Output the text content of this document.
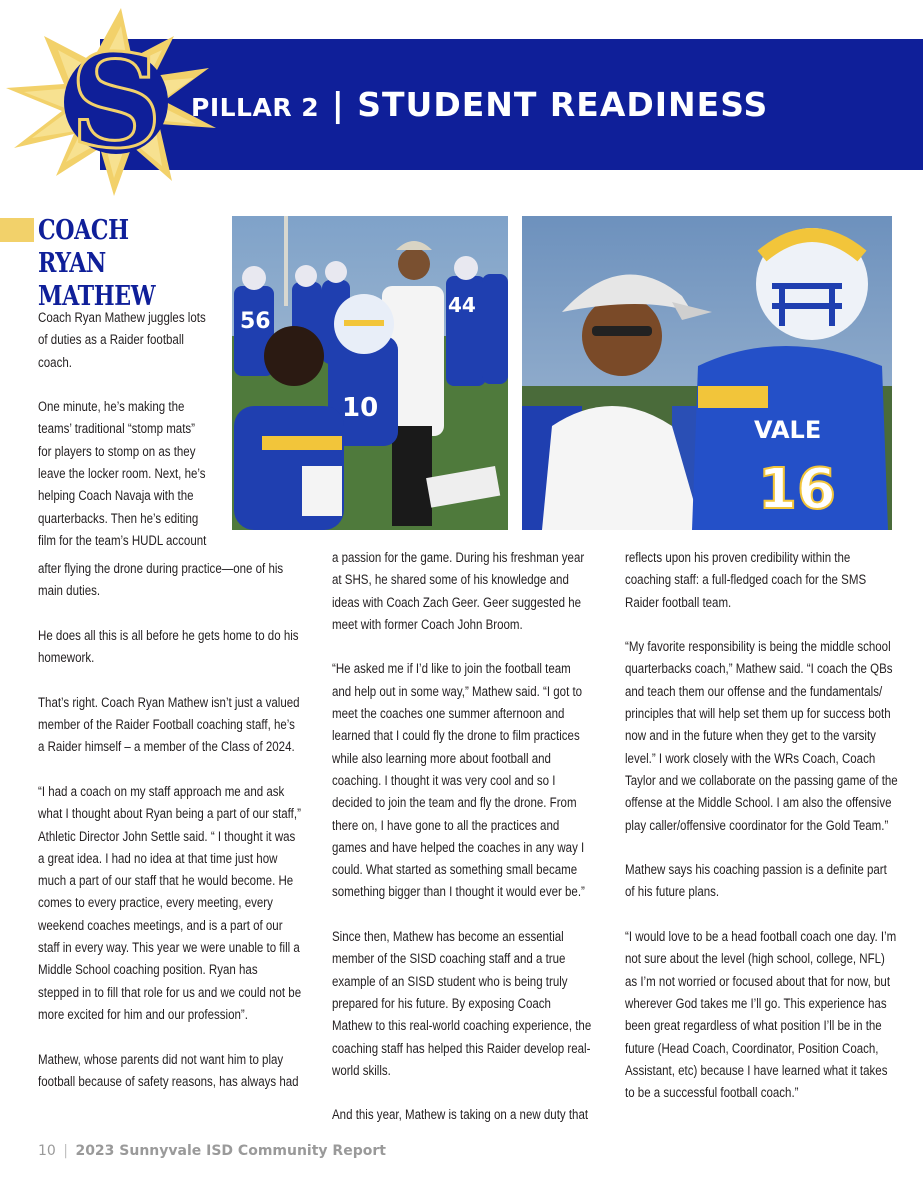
S PILLAR 2 | STUDENT READINESS
COACH RYAN
MATHEW
56
44
10
VALE
16

Coach Ryan Mathew juggles lots of duties as a Raider football coach.

One minute, he’s making the teams’ traditional “stomp mats” for players to stomp on as they leave the locker room. Next, he’s helping Coach Navaja with the quarterbacks. Then he’s editing film for the team’s HUDL account

after flying the drone during practice—one of his main duties.

He does all this is all before he gets home to do his homework.

That’s right. Coach Ryan Mathew isn’t just a valued member of the Raider Football coaching staff, he’s a Raider himself – a member of the Class of 2024.

“I had a coach on my staff approach me and ask what I thought about Ryan being a part of our staff,” Athletic Director John Settle said. “ I thought it was a great idea. I had no idea at that time just how much a part of our staff that he would become. He comes to every practice, every meeting, every weekend coaches meetings, and is a part of our staff in every way. This year we were unable to fill a Middle School coaching position. Ryan has stepped in to fill that role for us and we could not be more excited for him and our profession”.

Mathew, whose parents did not want him to play football because of safety reasons, has always had

a passion for the game. During his freshman year at SHS, he shared some of his knowledge and ideas with Coach Zach Geer. Geer suggested he meet with former Coach John Broom.

“He asked me if I’d like to join the football team and help out in some way,” Mathew said. “I got to meet the coaches one summer afternoon and learned that I could fly the drone to film practices while also learning more about football and coaching. I thought it was very cool and so I decided to join the team and fly the drone. From there on, I have gone to all the practices and games and have helped the coaches in any way I could. What started as something small became something bigger than I thought it would ever be.”

Since then, Mathew has become an essential member of the SISD coaching staff and a true example of an SISD student who is being truly prepared for his future. By exposing Coach Mathew to this real-world coaching experience, the coaching staff has helped this Raider develop real-world skills.

And this year, Mathew is taking on a new duty that

reflects upon his proven credibility within the coaching staff: a full-fledged coach for the SMS Raider football team.

“My favorite responsibility is being the middle school quarterbacks coach,” Mathew said. “I coach the QBs and teach them our offense and the fundamentals/ principles that will help set them up for success both now and in the future when they get to the varsity level.” I work closely with the WRs Coach, Coach Taylor and we collaborate on the passing game of the offense at the Middle School. I am also the offensive play caller/offensive coordinator for the Gold Team.”

Mathew says his coaching passion is a definite part of his future plans.

“I would love to be a head football coach one day. I’m not sure about the level (high school, college, NFL) as I’m not worried or focused about that for now, but wherever God takes me I’ll go. This experience has been great regardless of what position I’ll be in the future (Head Coach, Coordinator, Position Coach, Assistant, etc) because I have learned what it takes to be a successful football coach.”

10 | 2023 Sunnyvale ISD Community Report
